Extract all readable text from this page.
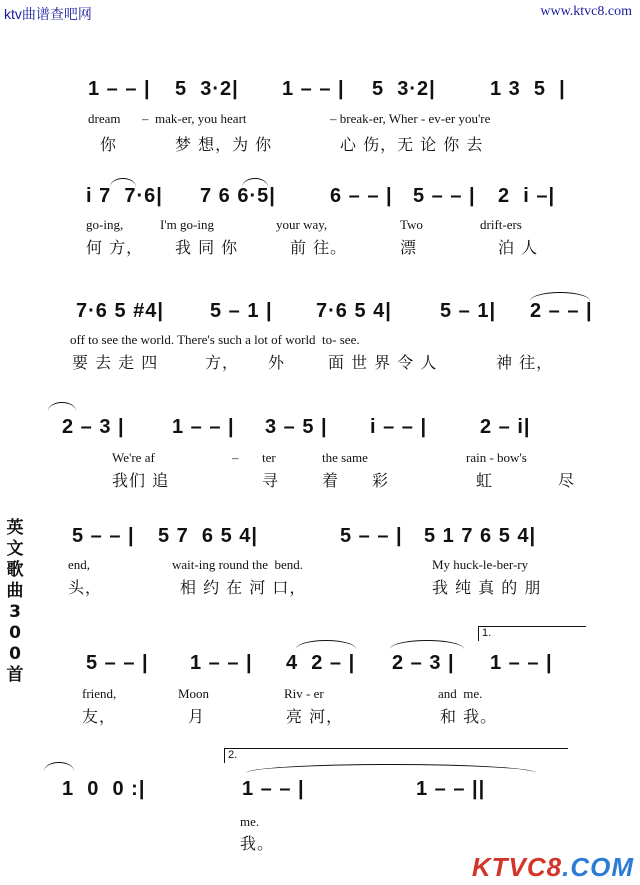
ktv曲谱查吧网	www.ktvc8.com
英
文
歌
曲
3
0
0
首
1 – – | 5  3·2| 1 – – | 5  3·2|	1 3  5  |
dream –  mak-er, you heart	– break-er, Wher - ev-er you're
你	梦 想，为 你	心 伤，无 论 你 去
i 7  7·6| 7 6 6·5|	6 – – | 5 – – | 2  i –|
go-ing,	I'm go-ing	your way,	Two	drift-ers
何 方， 我 同 你	前 往。	漂	泊 人
7·6 5 #4| 5 – 1 | 7·6 5 4| 5 – 1| 2 – – |
off to see the world. There's such a lot of world  to- see.
要 去 走 四	方， 外	面 世 界 令 人	神 往，
2 – 3 | 1 – – | 3 – 5 | i – – |	2 – i|
We're af	– ter	the same	rain - bow's
我们 追	寻	着 彩	虹	尽
5 – – | 5 7  6 5 4|	5 – – | 5 1 7 6 5 4|
end,	wait-ing round the  bend.	My huck-le-ber-ry
头，	相 约 在 河 口，	我 纯 真 的 朋
1.
5 – – | 1 – – | 4  2 – | 2 – 3 | 1 – – |
friend,	Moon	Riv - er	and  me.
友，	月	亮 河，	和 我。
2.
1  0  0 :|	1 – – |	1 – – ||
me.
我。
KTVC8.COM
